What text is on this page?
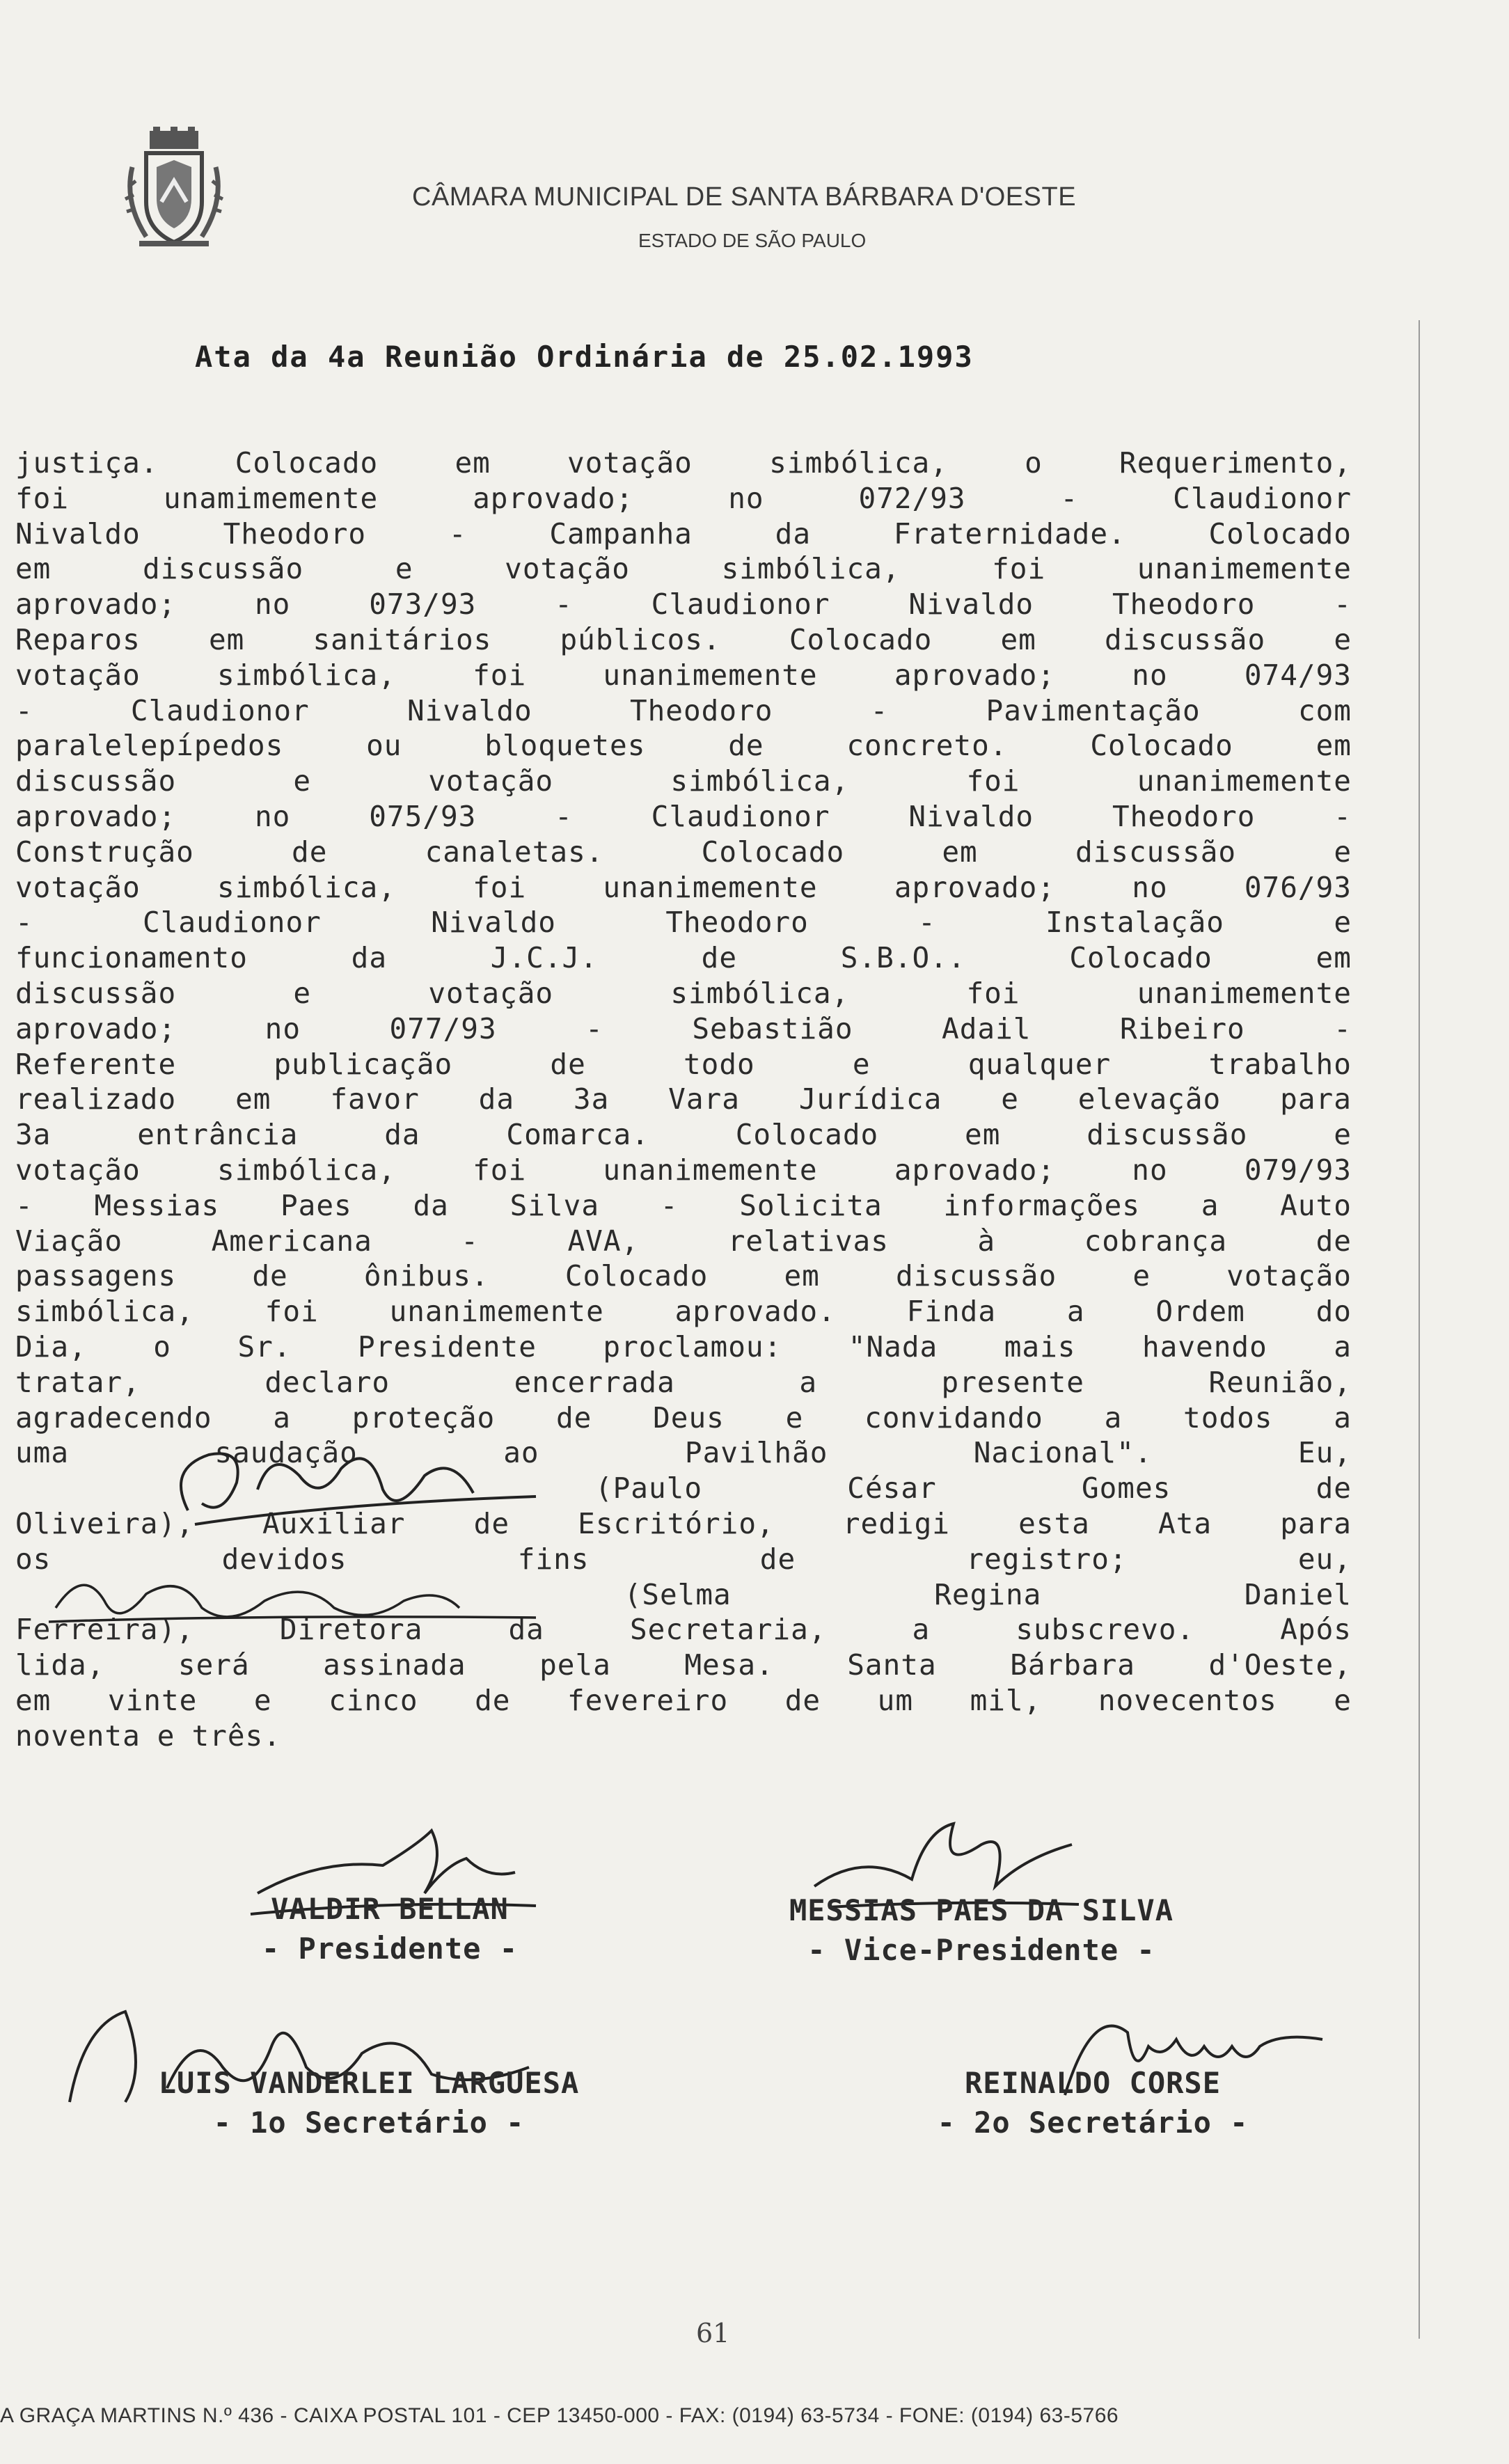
CÂMARA MUNICIPAL DE SANTA BÁRBARA D'OESTE
ESTADO DE SÃO PAULO
Ata da 4a Reunião Ordinária de 25.02.1993
justiça.	Colocado	em	votação	simbólica,	o	Requerimento,
foi	unamimemente	aprovado;	no	072/93	-	Claudionor
Nivaldo	Theodoro	-	Campanha	da	Fraternidade.	Colocado
em	discussão	e	votação	simbólica,	foi	unanimemente
aprovado;	no	073/93	-	Claudionor	Nivaldo	Theodoro	-
Reparos em sanitários públicos. Colocado em discussão e
votação	simbólica,	foi	unanimemente	aprovado;	no	074/93
-	Claudionor	Nivaldo	Theodoro	-	Pavimentação	com
paralelepípedos	ou	bloquetes	de	concreto.	Colocado	em
discussão	e	votação	simbólica,	foi	unanimemente
aprovado;	no	075/93	-	Claudionor	Nivaldo	Theodoro	-
Construção	de	canaletas.	Colocado	em	discussão	e
votação	simbólica,	foi	unanimemente	aprovado;	no	076/93
-	Claudionor	Nivaldo	Theodoro	-	Instalação	e
funcionamento	da	J.C.J.	de	S.B.O..	Colocado	em
discussão	e	votação	simbólica,	foi	unanimemente
aprovado;	no	077/93	-	Sebastião	Adail	Ribeiro	-
Referente	publicação	de	todo	e	qualquer	trabalho
realizado em favor da 3a Vara Jurídica e elevação para
3a	entrância	da	Comarca.	Colocado	em	discussão	e
votação	simbólica,	foi	unanimemente	aprovado;	no	079/93
- Messias Paes da Silva - Solicita informações a Auto
Viação	Americana	-	AVA,	relativas	à	cobrança	de
passagens	de	ônibus.	Colocado	em	discussão	e	votação
simbólica, foi unanimemente aprovado. Finda a Ordem do
Dia, o Sr. Presidente proclamou: "Nada mais havendo a
tratar,	declaro	encerrada	a	presente	Reunião,
agradecendo a proteção de Deus e convidando a todos a
uma	saudação	ao	Pavilhão	Nacional".	Eu,
(Paulo	César	Gomes	de
Oliveira), Auxiliar de Escritório, redigi esta Ata para
os	devidos	fins	de	registro;	eu,
(Selma	Regina	Daniel
Ferreira),	Diretora	da	Secretaria,	a	subscrevo.	Após
lida,	será	assinada	pela	Mesa.	Santa	Bárbara	d'Oeste,
em vinte e cinco de fevereiro de um mil, novecentos e
noventa e três.
VALDIR BELLAN
- Presidente -
MESSIAS PAES DA SILVA
- Vice-Presidente -
LUIS VANDERLEI LARGUESA
- 1o Secretário -
REINALDO CORSE
- 2o Secretário -
61
A GRAÇA MARTINS N.º 436 - CAIXA POSTAL 101 - CEP 13450-000 - FAX: (0194) 63-5734 - FONE: (0194) 63-5766
